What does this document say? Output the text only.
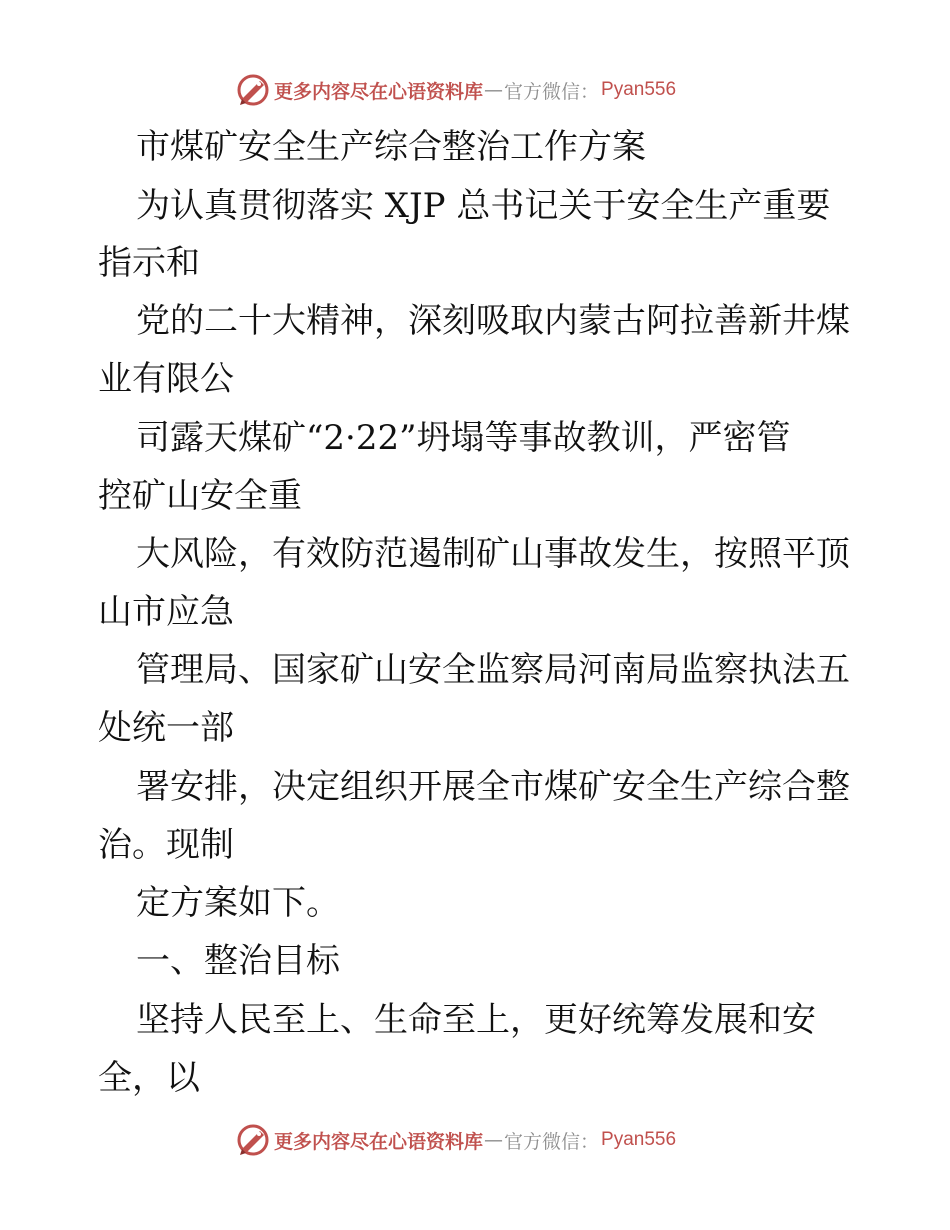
更多内容尽在心语资料库 — 官方微信： Pyan556
市煤矿安全生产综合整治工作方案
为认真贯彻落实 XJP 总书记关于安全生产重要
指示和
党的二十大精神，深刻吸取内蒙古阿拉善新井煤
业有限公
司露天煤矿“2·22”坍塌等事故教训，严密管
控矿山安全重
大风险，有效防范遏制矿山事故发生，按照平顶
山市应急
管理局、国家矿山安全监察局河南局监察执法五
处统一部
署安排，决定组织开展全市煤矿安全生产综合整
治。现制
定方案如下。
一、整治目标
坚持人民至上、生命至上，更好统筹发展和安
全，以
更多内容尽在心语资料库 — 官方微信： Pyan556
